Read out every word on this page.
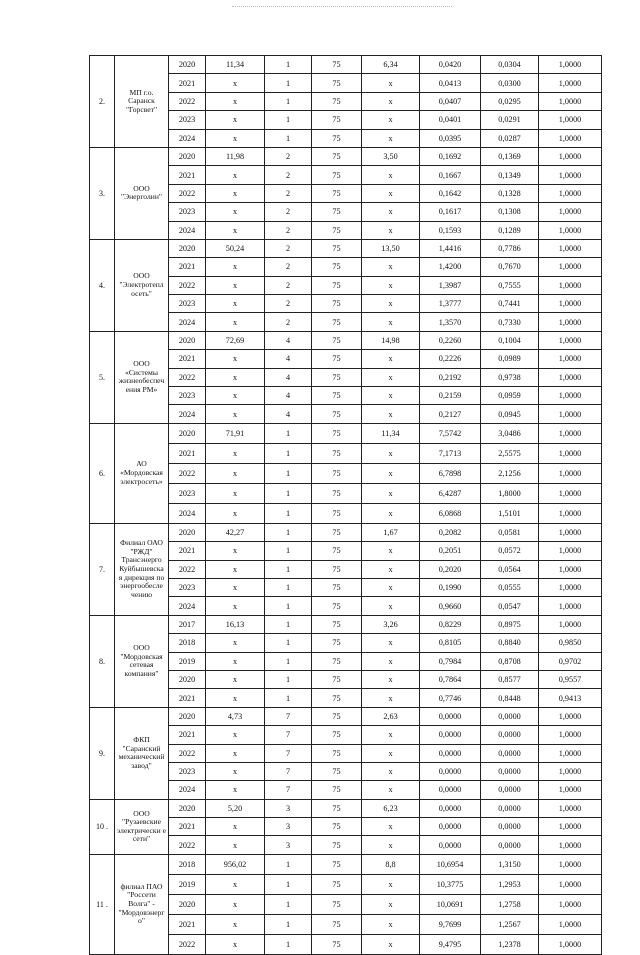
2.	МП г.о. Саранск "Горсвет"	2020	11,34	1	75	6,34	0,0420	0,0304	1,0000
		2021	х	1	75	х	0,0413	0,0300	1,0000
		2022	х	1	75	х	0,0407	0,0295	1,0000
		2023	х	1	75	х	0,0401	0,0291	1,0000
		2024	х	1	75	х	0,0395	0,0287	1,0000
3.	ООО "Энерголин"	2020	11,98	2	75	3,50	0,1692	0,1369	1,0000
		2021	х	2	75	х	0,1667	0,1349	1,0000
		2022	х	2	75	х	0,1642	0,1328	1,0000
		2023	х	2	75	х	0,1617	0,1308	1,0000
		2024	х	2	75	х	0,1593	0,1289	1,0000
4.	ООО "Электротепл осеть"	2020	50,24	2	75	13,50	1,4416	0,7786	1,0000
		2021	х	2	75	х	1,4200	0,7670	1,0000
		2022	х	2	75	х	1,3987	0,7555	1,0000
		2023	х	2	75	х	1,3777	0,7441	1,0000
		2024	х	2	75	х	1,3570	0,7330	1,0000
5.	ООО «Системы жизнеобеспеч ения РМ»	2020	72,69	4	75	14,98	0,2260	0,1004	1,0000
		2021	х	4	75	х	0,2226	0,0989	1,0000
		2022	х	4	75	х	0,2192	0,9738	1,0000
		2023	х	4	75	х	0,2159	0,0959	1,0000
		2024	х	4	75	х	0,2127	0,0945	1,0000
6.	АО «Мордовская электросеть»	2020	71,91	1	75	11,34	7,5742	3,0486	1,0000
		2021	х	1	75	х	7,1713	2,5575	1,0000
		2022	х	1	75	х	6,7898	2,1256	1,0000
		2023	х	1	75	х	6,4287	1,8000	1,0000
		2024	х	1	75	х	6,0868	1,5101	1,0000
7.	Филиал ОАО "РЖД" Трансэнерго Куйбышевска я дирекция по энергообесле чению	2020	42,27	1	75	1,67	0,2082	0,0581	1,0000
		2021	х	1	75	х	0,2051	0,0572	1,0000
		2022	х	1	75	х	0,2020	0,0564	1,0000
		2023	х	1	75	х	0,1990	0,0555	1,0000
		2024	х	1	75	х	0,9660	0,0547	1,0000
8.	ООО "Мордовская сетевая компания"	2017	16,13	1	75	3,26	0,8229	0,8975	1,0000
		2018	х	1	75	х	0,8105	0,8840	0,9850
		2019	х	1	75	х	0,7984	0,8708	0,9702
		2020	х	1	75	х	0,7864	0,8577	0,9557
		2021	х	1	75	х	0,7746	0,8448	0,9413
9.	ФКП "Саранский механический завод"	2020	4,73	7	75	2,63	0,0000	0,0000	1,0000
		2021	х	7	75	х	0,0000	0,0000	1,0000
		2022	х	7	75	х	0,0000	0,0000	1,0000
		2023	х	7	75	х	0,0000	0,0000	1,0000
		2024	х	7	75	х	0,0000	0,0000	1,0000
10 .	ООО "Рузаевские электрически е сети"	2020	5,20	3	75	6,23	0,0000	0,0000	1,0000
		2021	х	3	75	х	0,0000	0,0000	1,0000
		2022	х	3	75	х	0,0000	0,0000	1,0000
11 .	филиал ПАО "Россети Волга" - "Мордовэнерг о"	2018	956,02	1	75	8,8	10,6954	1,3150	1,0000
		2019	х	1	75	х	10,3775	1,2953	1,0000
		2020	х	1	75	х	10,0691	1,2758	1,0000
		2021	х	1	75	х	9,7699	1,2567	1,0000
		2022	х	1	75	х	9,4795	1,2378	1,0000
